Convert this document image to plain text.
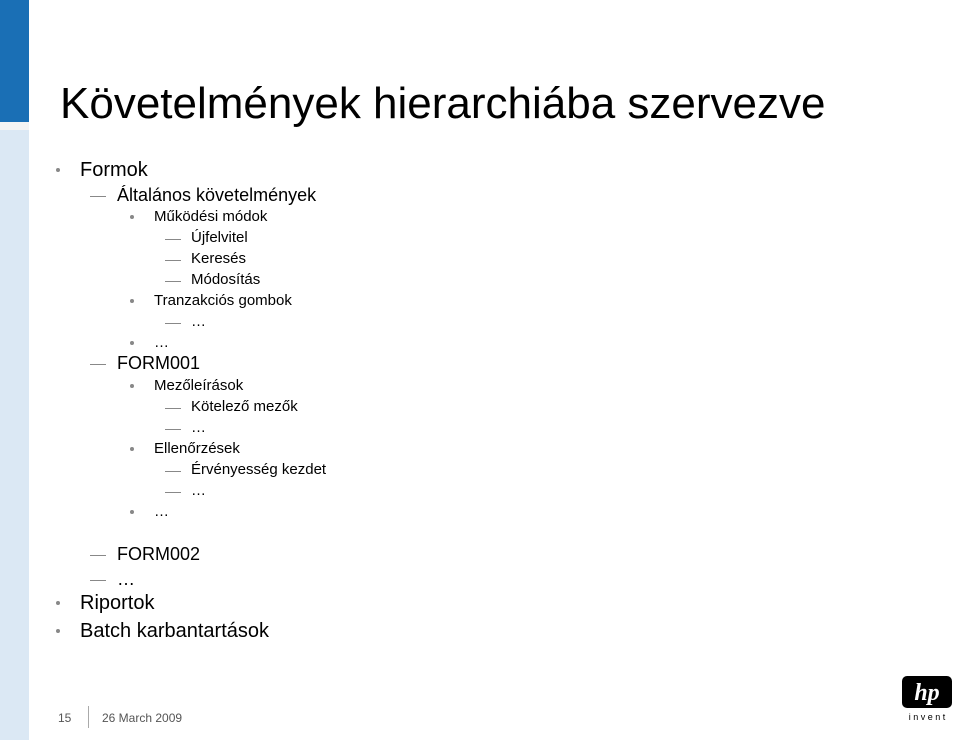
Követelmények hierarchiába szervezve
Formok
Általános követelmények
Működési módok
Újfelvitel
Keresés
Módosítás
Tranzakciós gombok
…
…
FORM001
Mezőleírások
Kötelező mezők
…
Ellenőrzések
Érvényesség kezdet
…
…
FORM002
…
Riportok
Batch karbantartások
15	26 March 2009
hp
i n v e n t
